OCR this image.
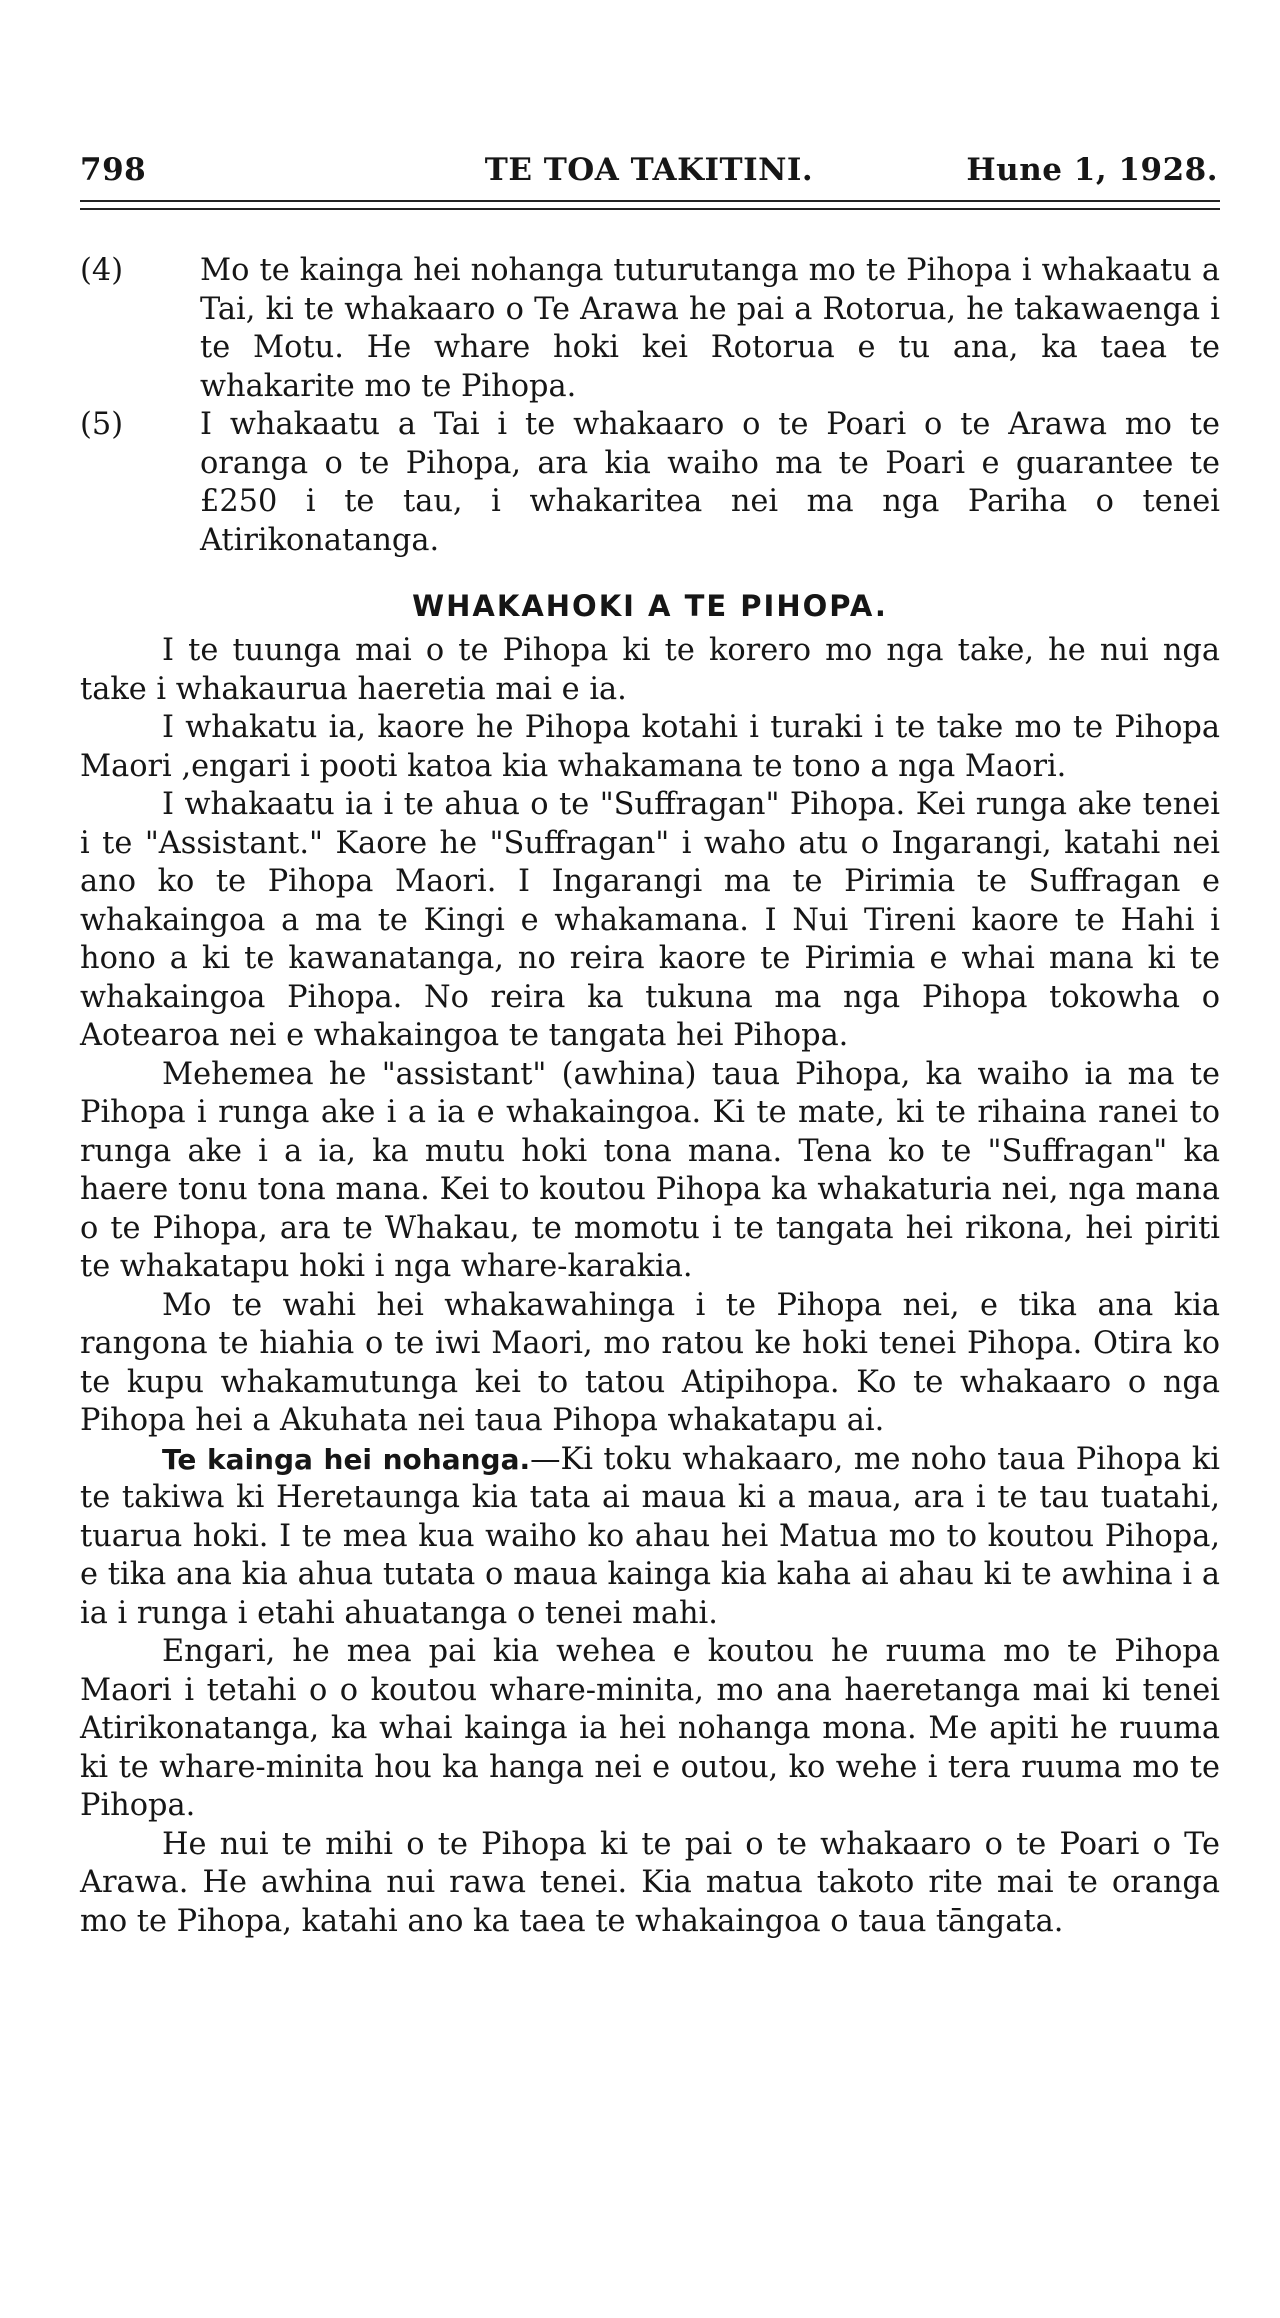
TE TOA TAKITINI.
798	Hune 1, 1928.
(4)	Mo te kainga hei nohanga tuturutanga mo te Pihopa i whakaatu a Tai, ki te whakaaro o Te Arawa he pai a Rotorua, he takawaenga i te Motu. He whare hoki kei Rotorua e tu ana, ka taea te whakarite mo te Pihopa.
(5)	I whakaatu a Tai i te whakaaro o te Poari o te Arawa mo te oranga o te Pihopa, ara kia waiho ma te Poari e guarantee te £250 i te tau, i whakaritea nei ma nga Pariha o tenei Atirikonatanga.
WHAKAHOKI A TE PIHOPA.

I te tuunga mai o te Pihopa ki te korero mo nga take, he nui nga take i whakaurua haeretia mai e ia.

I whakatu ia, kaore he Pihopa kotahi i turaki i te take mo te Pihopa Maori ,engari i pooti katoa kia whakamana te tono a nga Maori.

I whakaatu ia i te ahua o te "Suffragan" Pihopa. Kei runga ake tenei i te "Assistant." Kaore he "Suffragan" i waho atu o Ingarangi, katahi nei ano ko te Pihopa Maori. I Ingarangi ma te Pirimia te Suffragan e whakaingoa a ma te Kingi e whakamana. I Nui Tireni kaore te Hahi i hono a ki te kawanatanga, no reira kaore te Pirimia e whai mana ki te whakaingoa Pihopa. No reira ka tukuna ma nga Pihopa tokowha o Aotearoa nei e whakaingoa te tangata hei Pihopa.

Mehemea he "assistant" (awhina) taua Pihopa, ka waiho ia ma te Pihopa i runga ake i a ia e whakaingoa. Ki te mate, ki te rihaina ranei to runga ake i a ia, ka mutu hoki tona mana. Tena ko te "Suffragan" ka haere tonu tona mana. Kei to koutou Pihopa ka whakaturia nei, nga mana o te Pihopa, ara te Whakau, te momotu i te tangata hei rikona, hei piriti te whakatapu hoki i nga whare-karakia.

Mo te wahi hei whakawahinga i te Pihopa nei, e tika ana kia rangona te hiahia o te iwi Maori, mo ratou ke hoki tenei Pihopa. Otira ko te kupu whakamutunga kei to tatou Atipihopa. Ko te whakaaro o nga Pihopa hei a Akuhata nei taua Pihopa whakatapu ai.

Te kainga hei nohanga.—Ki toku whakaaro, me noho taua Pihopa ki te takiwa ki Heretaunga kia tata ai maua ki a maua, ara i te tau tuatahi, tuarua hoki. I te mea kua waiho ko ahau hei Matua mo to koutou Pihopa, e tika ana kia ahua tutata o maua kainga kia kaha ai ahau ki te awhina i a ia i runga i etahi ahuatanga o tenei mahi.

Engari, he mea pai kia wehea e koutou he ruuma mo te Pihopa Maori i tetahi o o koutou whare-minita, mo ana haeretanga mai ki tenei Atirikonatanga, ka whai kainga ia hei nohanga mona. Me apiti he ruuma ki te whare-minita hou ka hanga nei e outou, ko wehe i tera ruuma mo te Pihopa.

He nui te mihi o te Pihopa ki te pai o te whakaaro o te Poari o Te Arawa. He awhina nui rawa tenei. Kia matua takoto rite mai te oranga mo te Pihopa, katahi ano ka taea te whakaingoa o taua tāngata.
